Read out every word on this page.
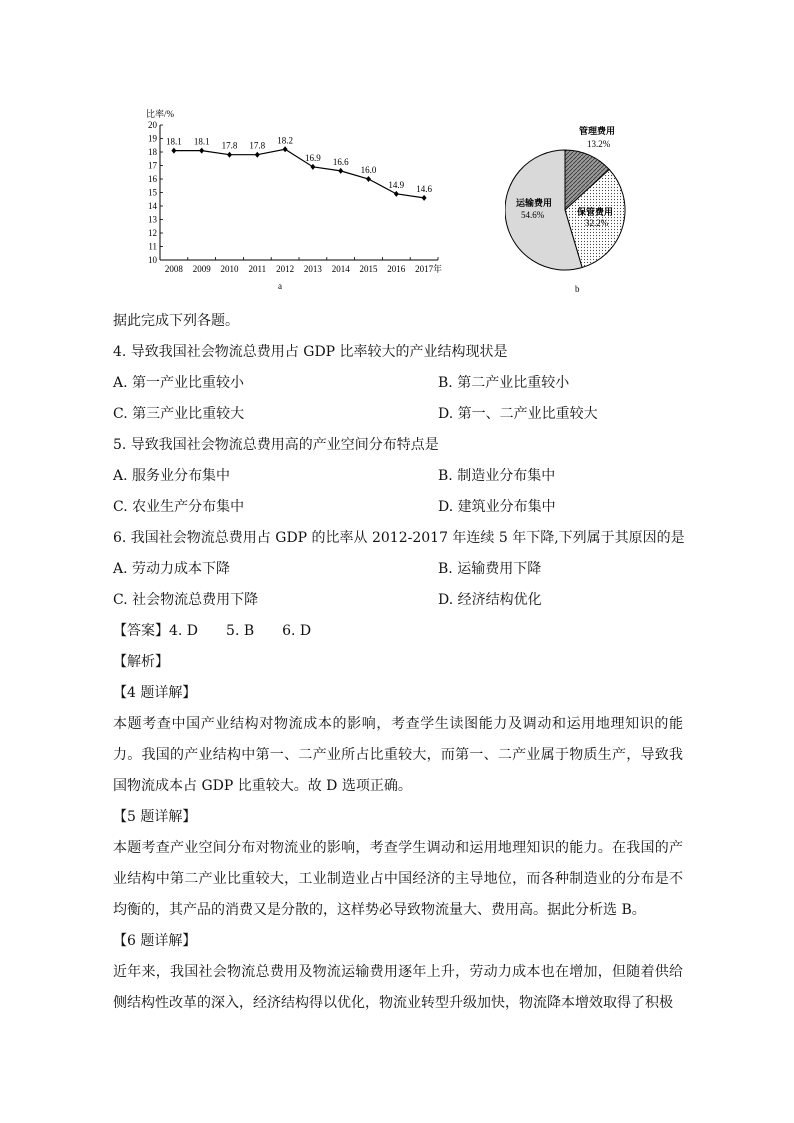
20
19
18
17
16
15
14
13
12
11
10
2008 2009 2010 2011 2012 2013 2014 2015 2016 2017
比率/%
年
18.1 18.1 17.8 17.8
18.2
16.9 16.6
16.0
14.9 14.6
a
管理费用
13.2%
保管费用
32.2%
运输费用
54.6%
b
据此完成下列各题。
4. 导致我国社会物流总费用占 GDP 比率较大的产业结构现状是
A. 第一产业比重较小	B. 第二产业比重较小
C. 第三产业比重较大	D. 第一、二产业比重较大
5. 导致我国社会物流总费用高的产业空间分布特点是
A. 服务业分布集中	B. 制造业分布集中
C. 农业生产分布集中	D. 建筑业分布集中
6. 我国社会物流总费用占 GDP 的比率从 2012-2017 年连续 5 年下降,下列属于其原因的是
A. 劳动力成本下降	B. 运输费用下降
C. 社会物流总费用下降	D. 经济结构优化
【答案】4. D　　5. B　　6. D
【解析】
【4 题详解】
本题考查中国产业结构对物流成本的影响，考查学生读图能力及调动和运用地理知识的能力。我国的产业结构中第一、二产业所占比重较大，而第一、二产业属于物质生产，导致我国物流成本占 GDP 比重较大。故 D 选项正确。
【5 题详解】
本题考查产业空间分布对物流业的影响，考查学生调动和运用地理知识的能力。在我国的产业结构中第二产业比重较大，工业制造业占中国经济的主导地位，而各种制造业的分布是不均衡的，其产品的消费又是分散的，这样势必导致物流量大、费用高。据此分析选 B。
【6 题详解】
近年来，我国社会物流总费用及物流运输费用逐年上升，劳动力成本也在增加，但随着供给侧结构性改革的深入，经济结构得以优化，物流业转型升级加快，物流降本增效取得了积极
